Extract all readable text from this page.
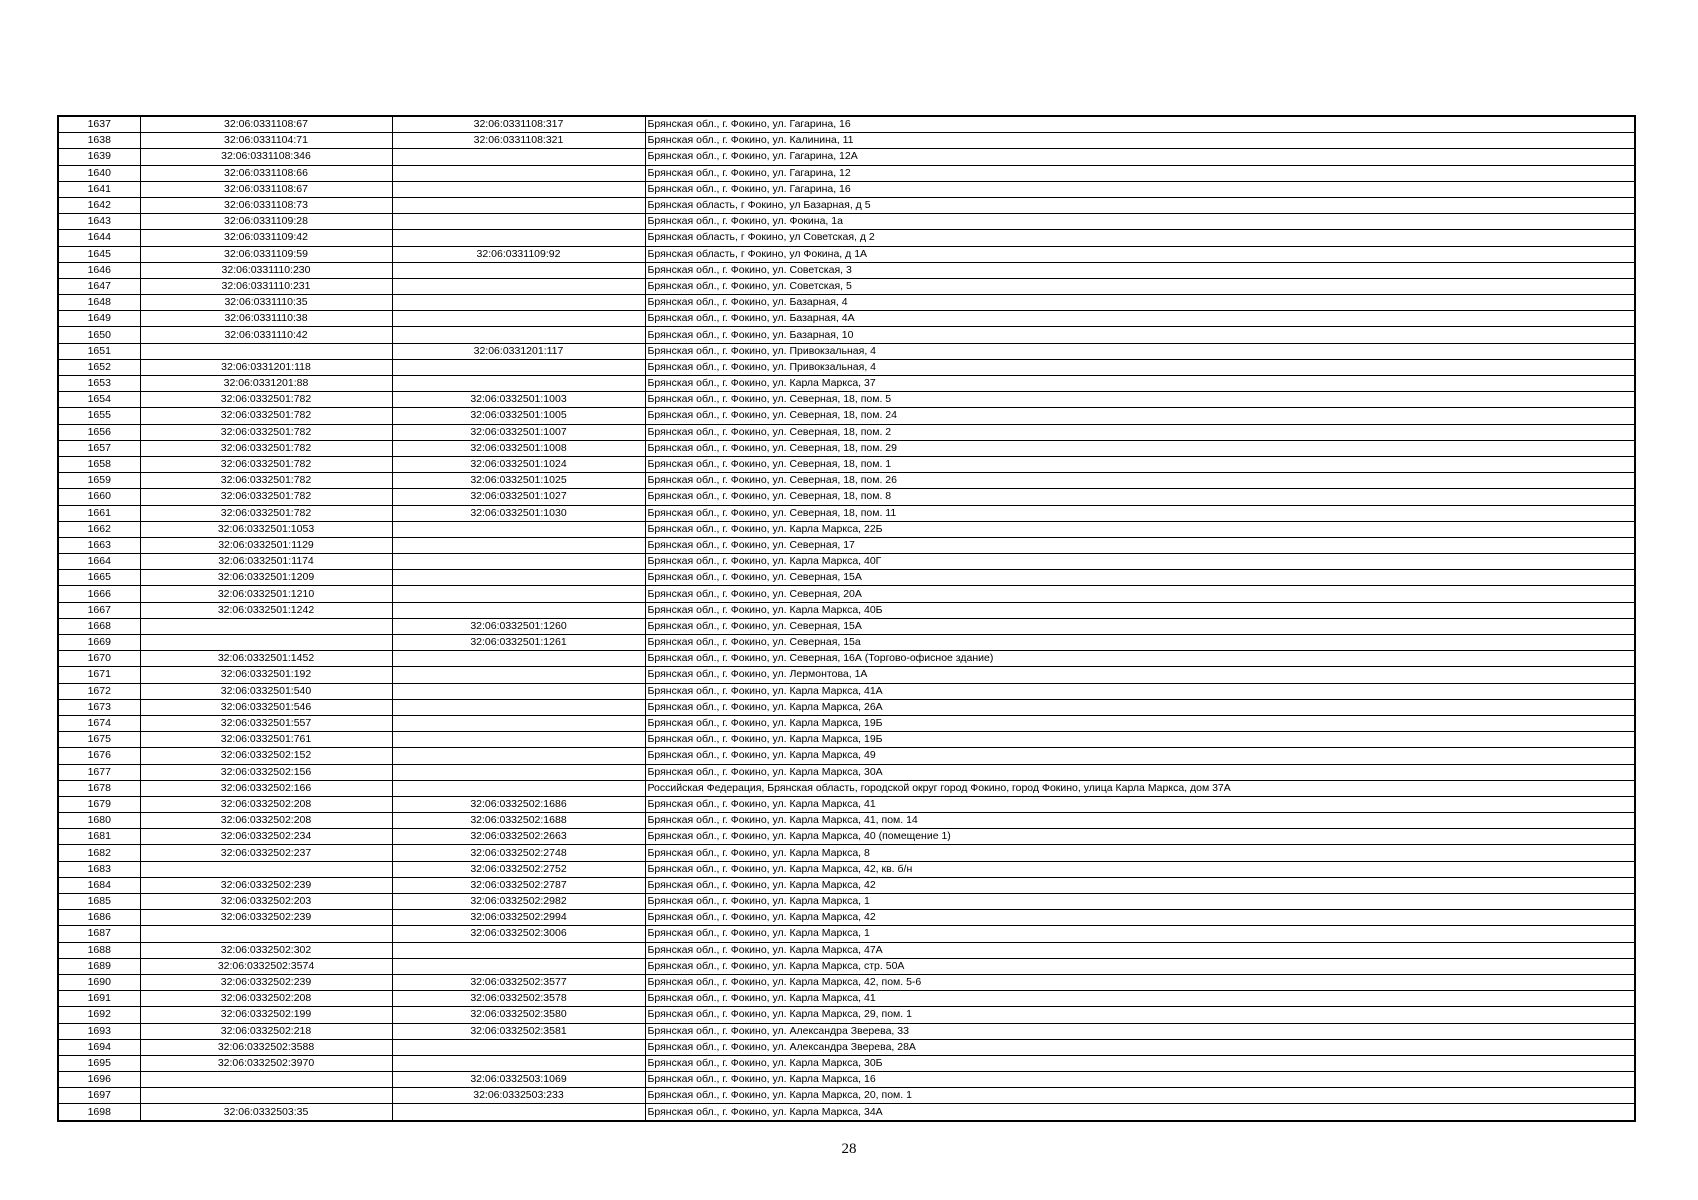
1637	32:06:0331108:67	32:06:0331108:317	Брянская обл., г. Фокино, ул. Гагарина, 16
1638	32:06:0331104:71	32:06:0331108:321	Брянская обл., г. Фокино, ул. Калинина, 11
1639	32:06:0331108:346		Брянская обл., г. Фокино, ул. Гагарина, 12А
1640	32:06:0331108:66		Брянская обл., г. Фокино, ул. Гагарина, 12
1641	32:06:0331108:67		Брянская обл., г. Фокино, ул. Гагарина, 16
1642	32:06:0331108:73		Брянская область, г Фокино, ул Базарная, д 5
1643	32:06:0331109:28		Брянская обл., г. Фокино, ул. Фокина, 1а
1644	32:06:0331109:42		Брянская область, г Фокино, ул Советская, д 2
1645	32:06:0331109:59	32:06:0331109:92	Брянская область, г Фокино, ул Фокина, д 1А
1646	32:06:0331110:230		Брянская обл., г. Фокино, ул. Советская, 3
1647	32:06:0331110:231		Брянская обл., г. Фокино, ул. Советская, 5
1648	32:06:0331110:35		Брянская обл., г. Фокино, ул. Базарная, 4
1649	32:06:0331110:38		Брянская обл., г. Фокино, ул. Базарная, 4А
1650	32:06:0331110:42		Брянская обл., г. Фокино, ул. Базарная, 10
1651		32:06:0331201:117	Брянская обл., г. Фокино, ул. Привокзальная, 4
1652	32:06:0331201:118		Брянская обл., г. Фокино, ул. Привокзальная, 4
1653	32:06:0331201:88		Брянская обл., г. Фокино, ул. Карла Маркса, 37
1654	32:06:0332501:782	32:06:0332501:1003	Брянская обл., г. Фокино, ул. Северная, 18, пом. 5
1655	32:06:0332501:782	32:06:0332501:1005	Брянская обл., г. Фокино, ул. Северная, 18, пом. 24
1656	32:06:0332501:782	32:06:0332501:1007	Брянская обл., г. Фокино, ул. Северная, 18, пом. 2
1657	32:06:0332501:782	32:06:0332501:1008	Брянская обл., г. Фокино, ул. Северная, 18, пом. 29
1658	32:06:0332501:782	32:06:0332501:1024	Брянская обл., г. Фокино, ул. Северная, 18, пом. 1
1659	32:06:0332501:782	32:06:0332501:1025	Брянская обл., г. Фокино, ул. Северная, 18, пом. 26
1660	32:06:0332501:782	32:06:0332501:1027	Брянская обл., г. Фокино, ул. Северная, 18, пом. 8
1661	32:06:0332501:782	32:06:0332501:1030	Брянская обл., г. Фокино, ул. Северная, 18, пом. 11
1662	32:06:0332501:1053		Брянская обл., г. Фокино, ул. Карла Маркса, 22Б
1663	32:06:0332501:1129		Брянская обл., г. Фокино, ул. Северная, 17
1664	32:06:0332501:1174		Брянская обл., г. Фокино, ул. Карла Маркса, 40Г
1665	32:06:0332501:1209		Брянская обл., г. Фокино, ул. Северная, 15А
1666	32:06:0332501:1210		Брянская обл., г. Фокино, ул. Северная, 20А
1667	32:06:0332501:1242		Брянская обл., г. Фокино, ул. Карла Маркса, 40Б
1668		32:06:0332501:1260	Брянская обл., г. Фокино, ул. Северная, 15А
1669		32:06:0332501:1261	Брянская обл., г. Фокино, ул. Северная, 15а
1670	32:06:0332501:1452		Брянская обл., г. Фокино, ул. Северная, 16А (Торгово-офисное здание)
1671	32:06:0332501:192		Брянская обл., г. Фокино, ул. Лермонтова, 1А
1672	32:06:0332501:540		Брянская обл., г. Фокино, ул. Карла Маркса, 41А
1673	32:06:0332501:546		Брянская обл., г. Фокино, ул. Карла Маркса, 26А
1674	32:06:0332501:557		Брянская обл., г. Фокино, ул. Карла Маркса, 19Б
1675	32:06:0332501:761		Брянская обл., г. Фокино, ул. Карла Маркса, 19Б
1676	32:06:0332502:152		Брянская обл., г. Фокино, ул. Карла Маркса, 49
1677	32:06:0332502:156		Брянская обл., г. Фокино, ул. Карла Маркса, 30А
1678	32:06:0332502:166		Российская Федерация, Брянская область, городской округ город Фокино, город Фокино, улица Карла Маркса, дом 37А
1679	32:06:0332502:208	32:06:0332502:1686	Брянская обл., г. Фокино, ул. Карла Маркса, 41
1680	32:06:0332502:208	32:06:0332502:1688	Брянская обл., г. Фокино, ул. Карла Маркса, 41, пом. 14
1681	32:06:0332502:234	32:06:0332502:2663	Брянская обл., г. Фокино, ул. Карла Маркса, 40 (помещение 1)
1682	32:06:0332502:237	32:06:0332502:2748	Брянская обл., г. Фокино, ул. Карла Маркса, 8
1683		32:06:0332502:2752	Брянская обл., г. Фокино, ул. Карла Маркса, 42, кв. б/н
1684	32:06:0332502:239	32:06:0332502:2787	Брянская обл., г. Фокино, ул. Карла Маркса, 42
1685	32:06:0332502:203	32:06:0332502:2982	Брянская обл., г. Фокино, ул. Карла Маркса, 1
1686	32:06:0332502:239	32:06:0332502:2994	Брянская обл., г. Фокино, ул. Карла Маркса, 42
1687		32:06:0332502:3006	Брянская обл., г. Фокино, ул. Карла Маркса, 1
1688	32:06:0332502:302		Брянская обл., г. Фокино, ул. Карла Маркса, 47А
1689	32:06:0332502:3574		Брянская обл., г. Фокино, ул. Карла Маркса, стр. 50А
1690	32:06:0332502:239	32:06:0332502:3577	Брянская обл., г. Фокино, ул. Карла Маркса, 42, пом. 5-6
1691	32:06:0332502:208	32:06:0332502:3578	Брянская обл., г. Фокино, ул. Карла Маркса, 41
1692	32:06:0332502:199	32:06:0332502:3580	Брянская обл., г. Фокино, ул. Карла Маркса, 29, пом. 1
1693	32:06:0332502:218	32:06:0332502:3581	Брянская обл., г. Фокино, ул. Александра Зверева, 33
1694	32:06:0332502:3588		Брянская обл., г. Фокино, ул. Александра Зверева, 28А
1695	32:06:0332502:3970		Брянская обл., г. Фокино, ул. Карла Маркса, 30Б
1696		32:06:0332503:1069	Брянская обл., г. Фокино, ул. Карла Маркса, 16
1697		32:06:0332503:233	Брянская обл., г. Фокино, ул. Карла Маркса, 20, пом. 1
1698	32:06:0332503:35		Брянская обл., г. Фокино, ул. Карла Маркса, 34А
28
